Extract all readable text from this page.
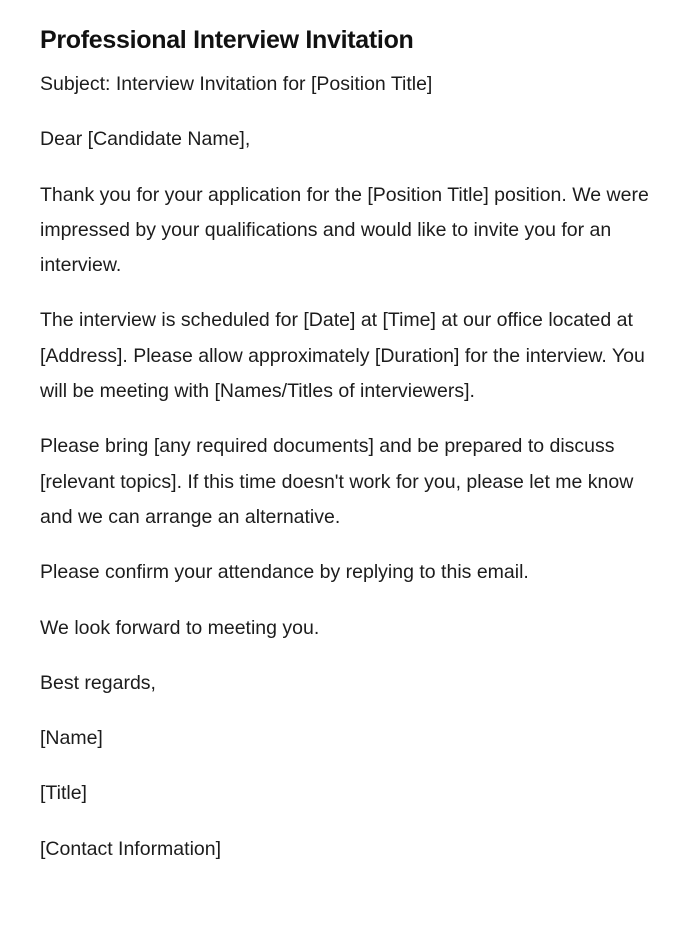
Professional Interview Invitation

Subject: Interview Invitation for [Position Title]

Dear [Candidate Name],

Thank you for your application for the [Position Title] position. We were impressed by your qualifications and would like to invite you for an interview.

The interview is scheduled for [Date] at [Time] at our office located at [Address]. Please allow approximately [Duration] for the interview. You will be meeting with [Names/Titles of interviewers].

Please bring [any required documents] and be prepared to discuss [relevant topics]. If this time doesn't work for you, please let me know and we can arrange an alternative.

Please confirm your attendance by replying to this email.

We look forward to meeting you.

Best regards,

[Name]

[Title]

[Contact Information]
